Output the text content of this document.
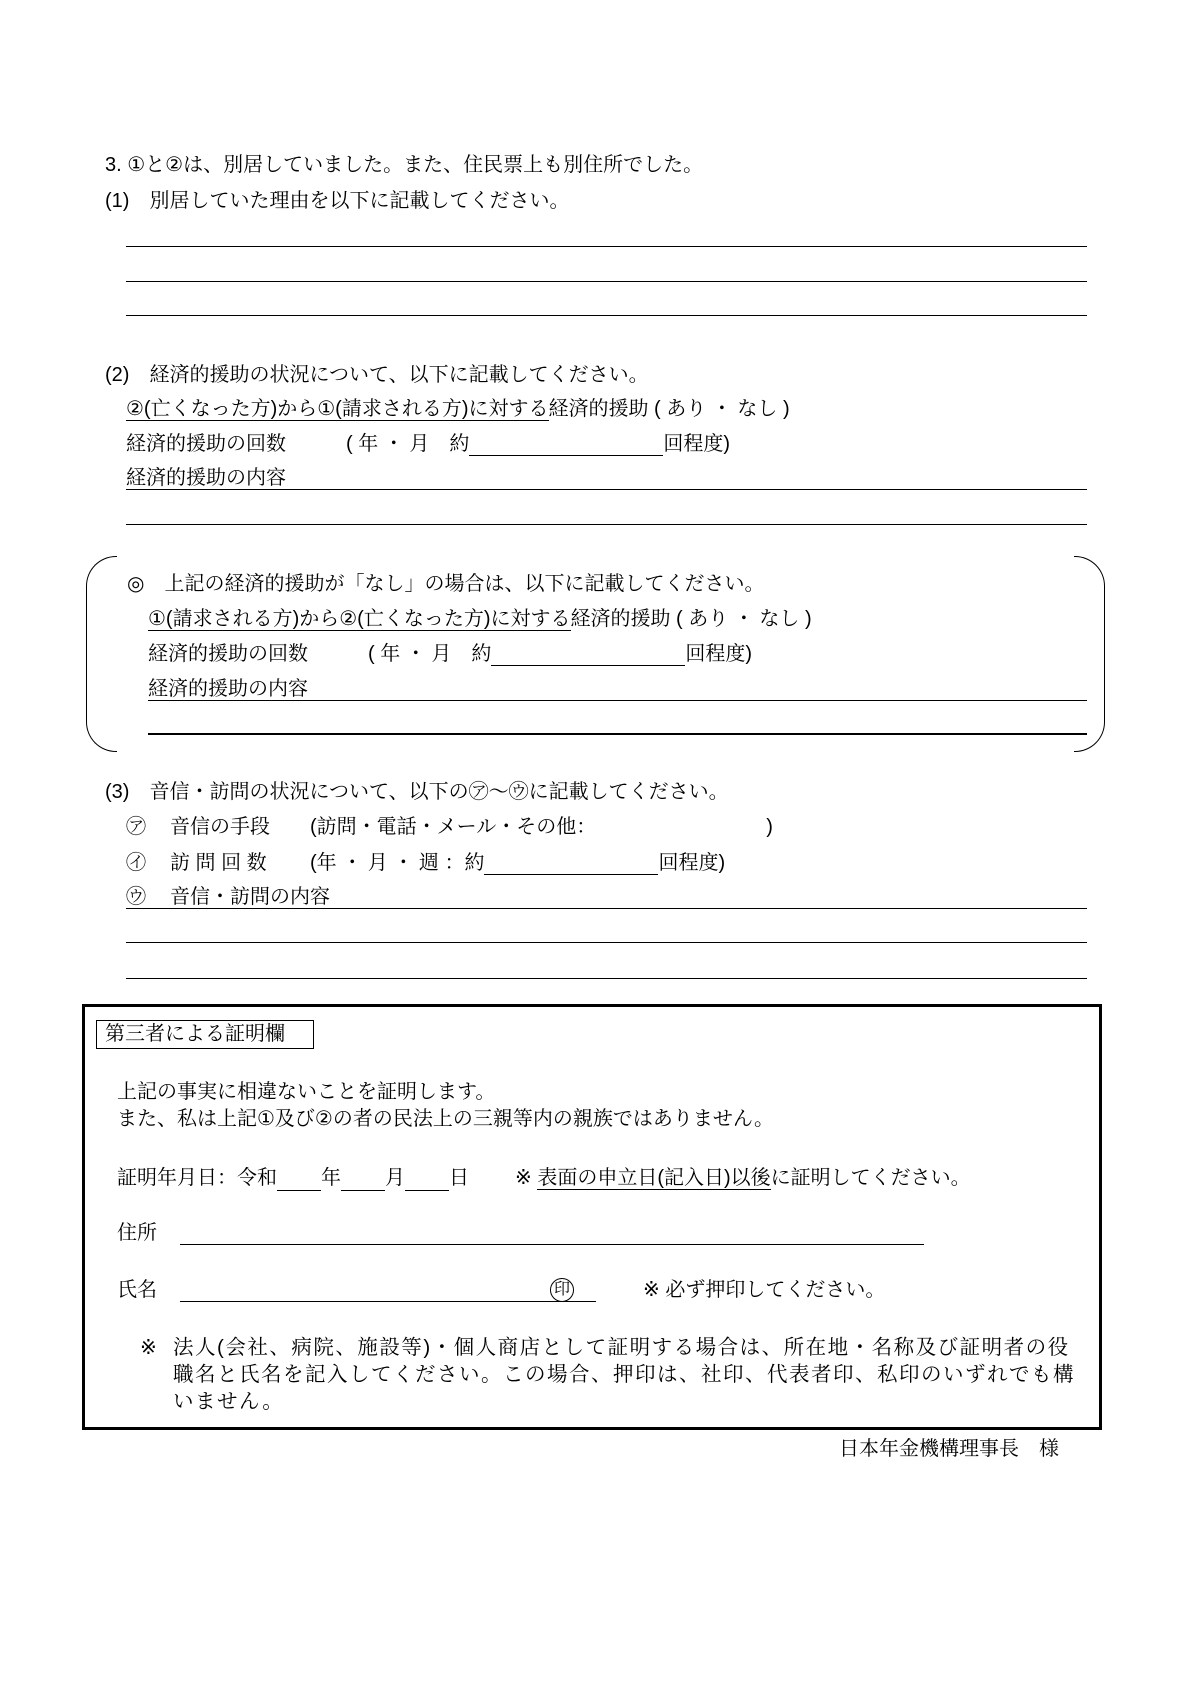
3. ①と②は、別居していました。また、住民票上も別住所でした。
(1)　別居していた理由を以下に記載してください。
(2)　経済的援助の状況について、以下に記載してください。
②(亡くなった方)から①(請求される方)に対する経済的援助 ( あり ・ なし )
経済的援助の回数	( 年 ・ 月　約	回程度)
経済的援助の内容
◎　上記の経済的援助が「なし」の場合は、以下に記載してください。
①(請求される方)から②(亡くなった方)に対する経済的援助 ( あり ・ なし )
経済的援助の回数	( 年 ・ 月　約	回程度)
経済的援助の内容
(3)　音信・訪問の状況について、以下の㋐〜㋒に記載してください。
㋐ 音信の手段 (訪問・電話・メール・その他：	)
㋑ 訪 問 回 数 (年 ・ 月 ・ 週 ：約	回程度)
㋒ 音信・訪問の内容
第三者による証明欄
上記の事実に相違ないことを証明します。
また、私は上記①及び②の者の民法上の三親等内の親族ではありません。
証明年月日：令和 年 月 日 ※ 表面の申立日(記入日)以後に証明してください。
住所
氏名	印	※ 必ず押印してください。
※ 法人(会社、病院、施設等)・個人商店として証明する場合は、所在地・名称及び証明者の役
職名と氏名を記入してください。この場合、押印は、社印、代表者印、私印のいずれでも構
いません。
日本年金機構理事長　様
